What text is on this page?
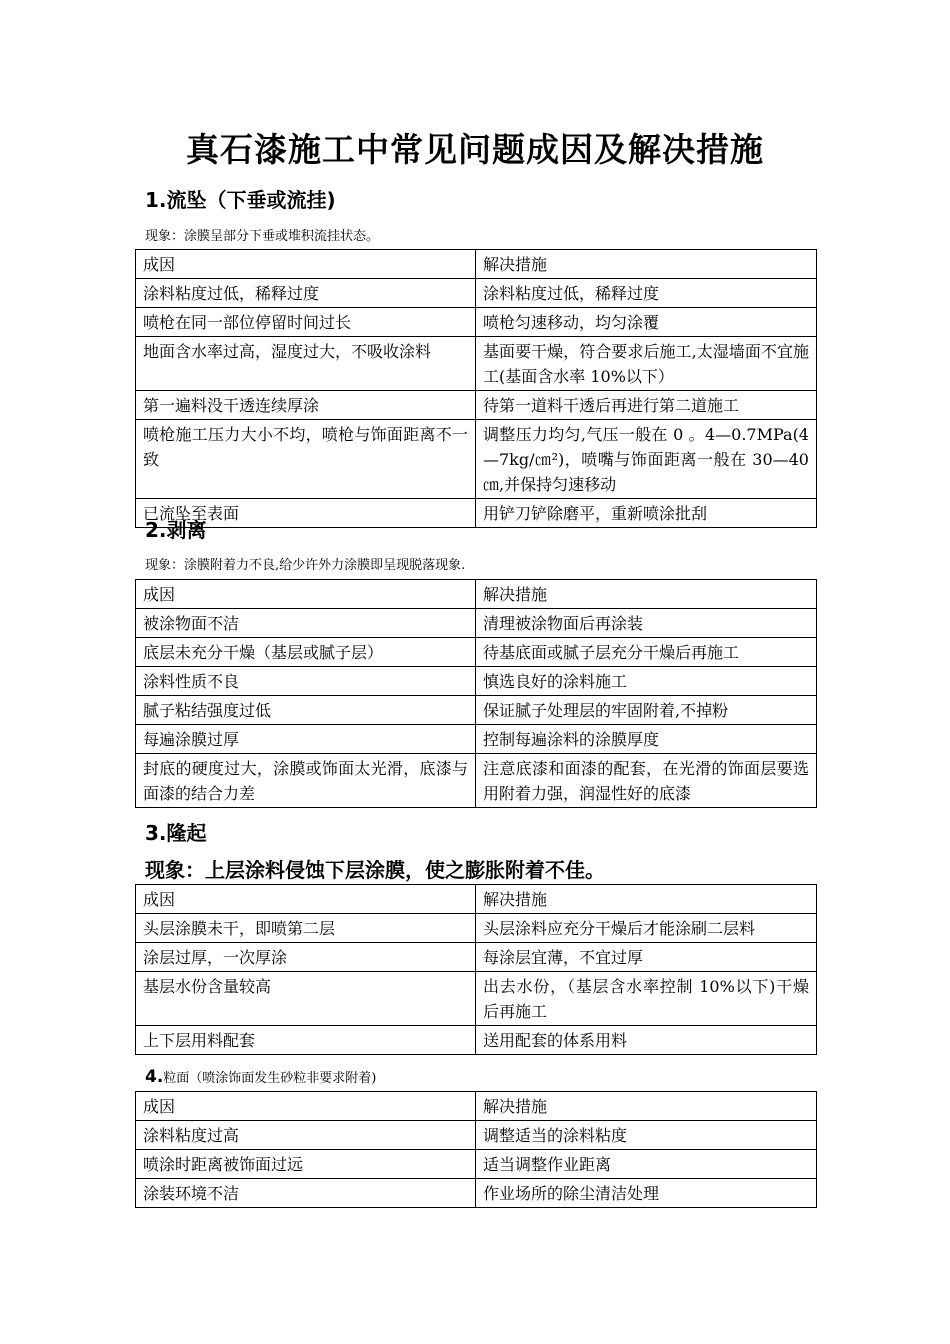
真石漆施工中常见问题成因及解决措施
1.流坠（下垂或流挂)
现象：涂膜呈部分下垂或堆积流挂状态。
成因	解决措施
涂料粘度过低，稀释过度	涂料粘度过低，稀释过度
喷枪在同一部位停留时间过长	喷枪匀速移动，均匀涂覆
地面含水率过高，湿度过大，不吸收涂料	基面要干燥，符合要求后施工,太湿墙面不宜施工(基面含水率 10%以下）
第一遍料没干透连续厚涂	待第一道料干透后再进行第二道施工
喷枪施工压力大小不均，喷枪与饰面距离不一致	调整压力均匀,气压一般在 0 。4—0.7MPa(4—7kg/㎝²)，喷嘴与饰面距离一般在 30—40㎝,并保持匀速移动
已流坠至表面	用铲刀铲除磨平，重新喷涂批刮
2.剥离
现象：涂膜附着力不良,给少许外力涂膜即呈现脱落现象.
成因	解决措施
被涂物面不洁	清理被涂物面后再涂装
底层未充分干燥（基层或腻子层）	待基底面或腻子层充分干燥后再施工
涂料性质不良	慎选良好的涂料施工
腻子粘结强度过低	保证腻子处理层的牢固附着,不掉粉
每遍涂膜过厚	控制每遍涂料的涂膜厚度
封底的硬度过大，涂膜或饰面太光滑，底漆与面漆的结合力差	注意底漆和面漆的配套，在光滑的饰面层要选用附着力强，润湿性好的底漆
3.隆起
现象：上层涂料侵蚀下层涂膜，使之膨胀附着不佳。
成因	解决措施
头层涂膜未干，即喷第二层	头层涂料应充分干燥后才能涂刷二层料
涂层过厚，一次厚涂	每涂层宜薄，不宜过厚
基层水份含量较高	出去水份，（基层含水率控制 10%以下)干燥后再施工
上下层用料配套	送用配套的体系用料
4.粒面（喷涂饰面发生砂粒非要求附着)
成因	解决措施
涂料粘度过高	调整适当的涂料粘度
喷涂时距离被饰面过远	适当调整作业距离
涂装环境不洁	作业场所的除尘清洁处理
